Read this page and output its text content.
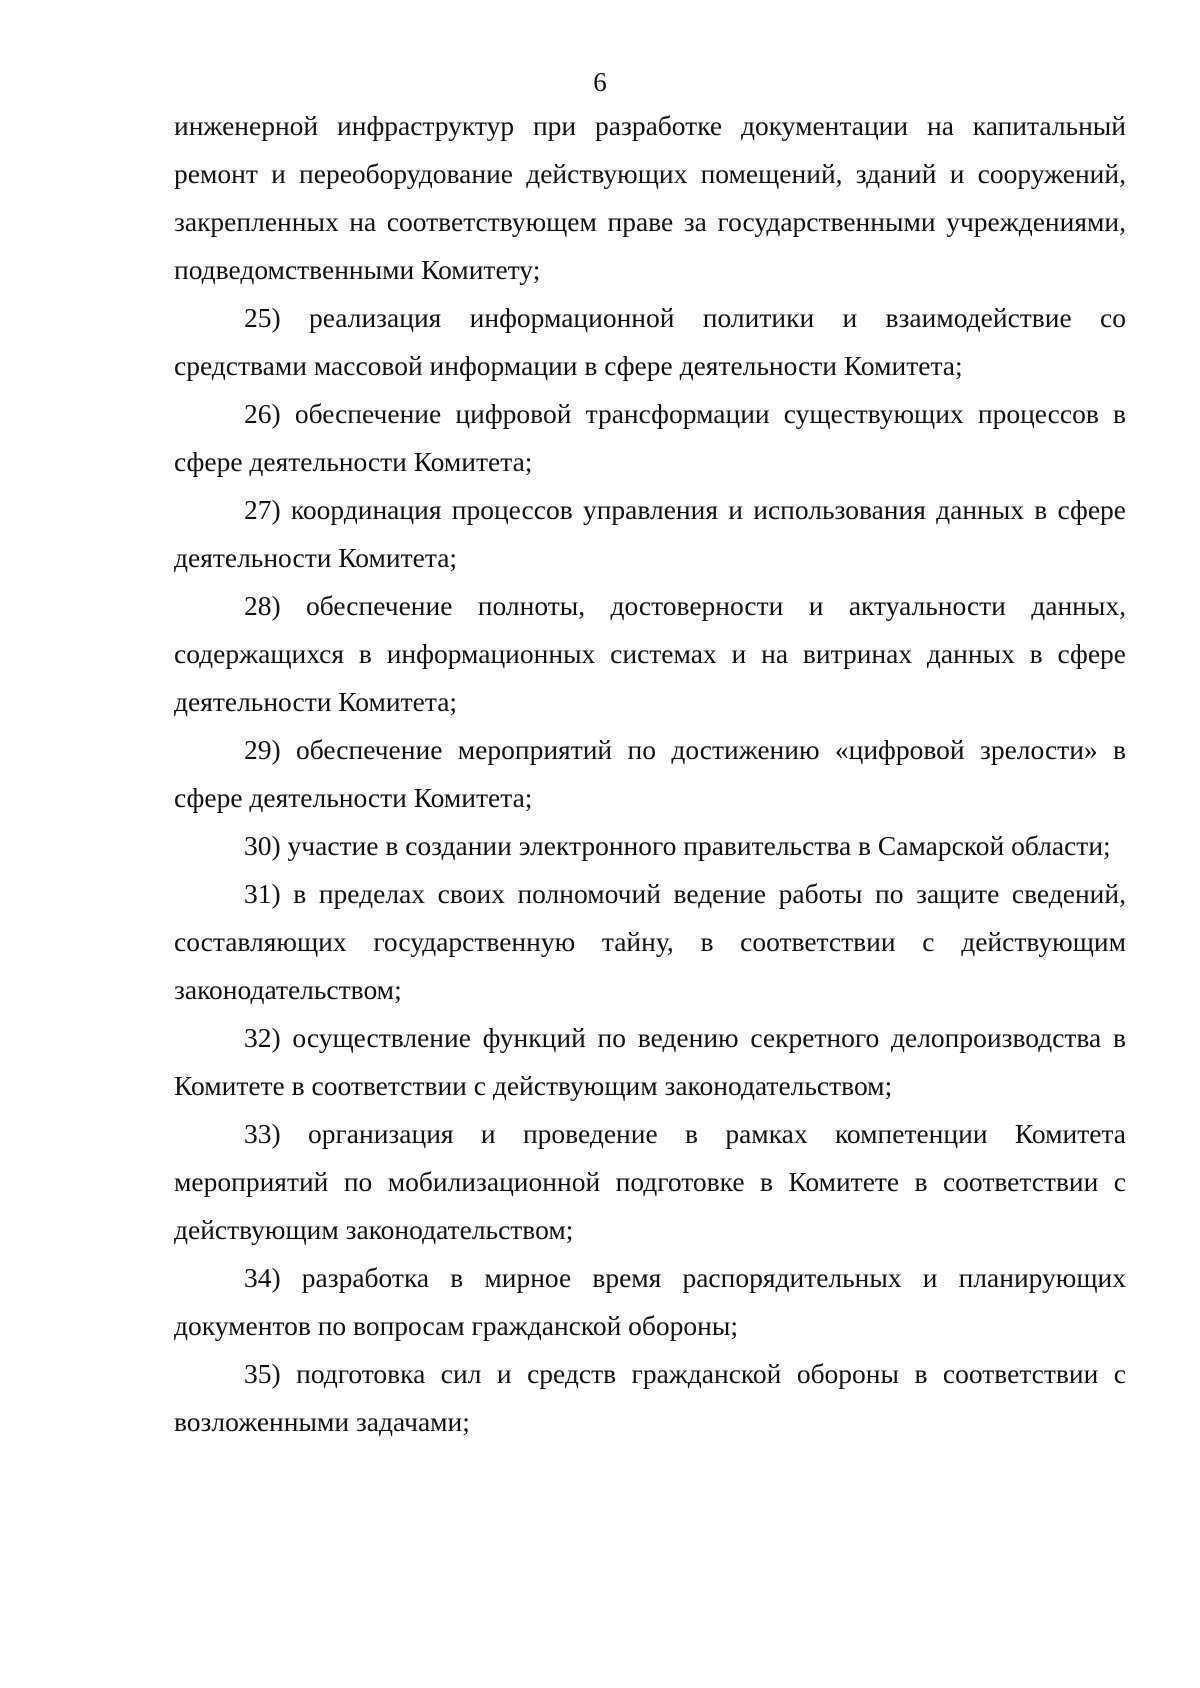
6

инженерной инфраструктур при разработке документации на капитальный ремонт и переоборудование действующих помещений, зданий и сооружений, закрепленных на соответствующем праве за государственными учреждениями, подведомственными Комитету;

25) реализация информационной политики и взаимодействие со средствами массовой информации в сфере деятельности Комитета;

26) обеспечение цифровой трансформации существующих процессов в сфере деятельности Комитета;

27) координация процессов управления и использования данных в сфере деятельности Комитета;

28) обеспечение полноты, достоверности и актуальности данных, содержащихся в информационных системах и на витринах данных в сфере деятельности Комитета;

29) обеспечение мероприятий по достижению «цифровой зрелости» в сфере деятельности Комитета;

30) участие в создании электронного правительства в Самарской области;

31) в пределах своих полномочий ведение работы по защите сведений, составляющих государственную тайну, в соответствии с действующим законодательством;

32) осуществление функций по ведению секретного делопроизводства в Комитете в соответствии с действующим законодательством;

33) организация и проведение в рамках компетенции Комитета мероприятий по мобилизационной подготовке в Комитете в соответствии с действующим законодательством;

34) разработка в мирное время распорядительных и планирующих документов по вопросам гражданской обороны;

35) подготовка сил и средств гражданской обороны в соответствии с возложенными задачами;
